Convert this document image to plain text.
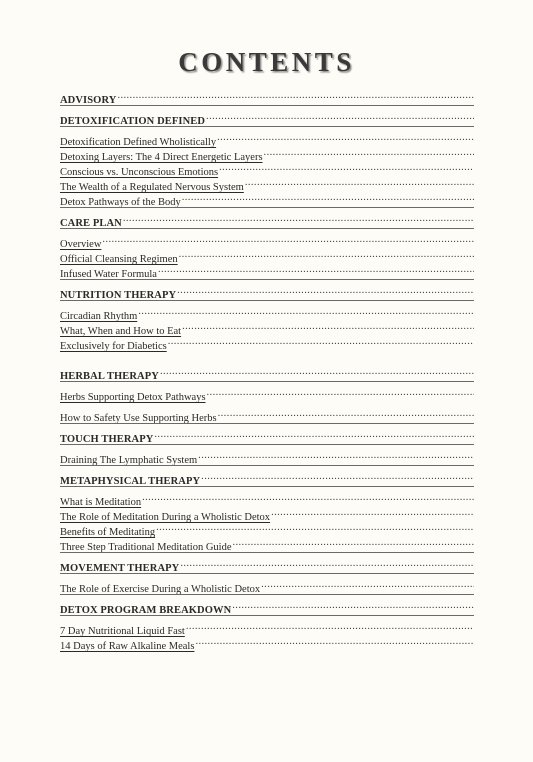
CONTENTS
ADVISORY
.....
DETOXIFICATION DEFINED
.....
Detoxification Defined Wholistically
.....
Detoxing Layers: The 4 Direct Energetic Layers
.....
Conscious vs. Unconscious Emotions
.....
The Wealth of a Regulated Nervous System
.....
Detox Pathways of the Body
.....
CARE PLAN
.....
Overview
.....
Official Cleansing Regimen
.....
Infused Water Formula
.....
NUTRITION THERAPY
.....
Circadian Rhythm
.....
What, When and How to Eat
.....
Exclusively for Diabetics
.....
HERBAL THERAPY
.....
Herbs Supporting Detox Pathways
.....
How to Safety Use Supporting Herbs
.....
TOUCH THERAPY
.....
Draining The Lymphatic System
.....
METAPHYSICAL THERAPY
.....
What is Meditation
.....
The Role of Meditation During a Wholistic Detox
.....
Benefits of Meditating
.....
Three Step Traditional Meditation Guide
.....
MOVEMENT THERAPY
.....
The Role of Exercise During a Wholistic Detox
.....
DETOX PROGRAM BREAKDOWN
.....
7 Day Nutritional Liquid Fast
.....
14 Days of Raw Alkaline Meals
.....
